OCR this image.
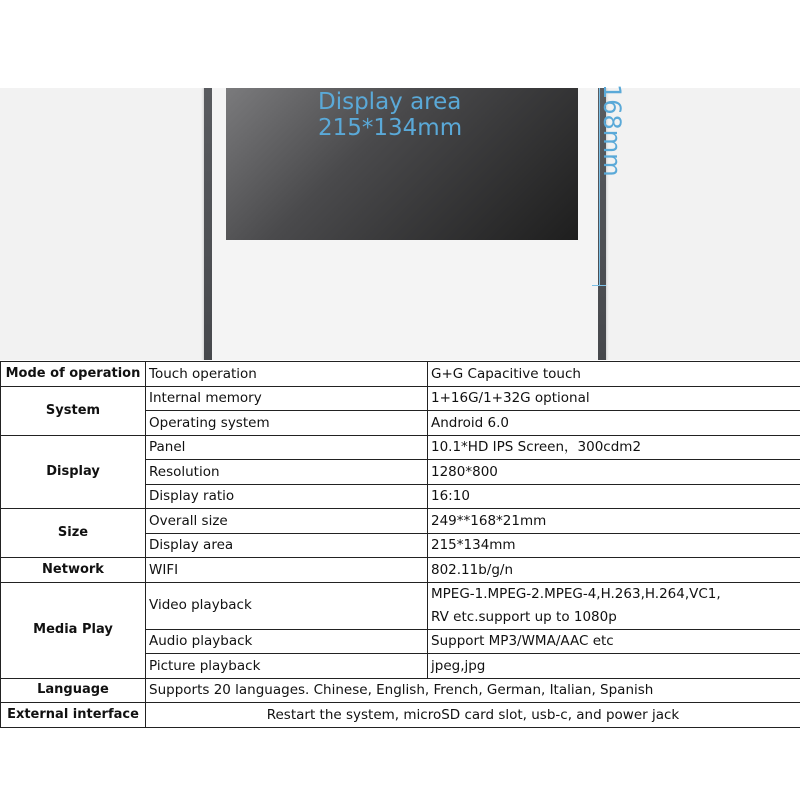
Display area
215*134mm	168mm
Mode of operation	Touch operation	G+G Capacitive touch
System	Internal memory	1+16G/1+32G optional
	Operating system	Android 6.0
Display	Panel	10.1*HD IPS Screen，300cdm2
	Resolution	1280*800
	Display ratio	16:10
Size	Overall size	249**168*21mm
	Display area	215*134mm
Network	WIFI	802.11b/g/n
Media Play	Video playback	MPEG-1.MPEG-2.MPEG-4,H.263,H.264,VC1,
RV etc.support up to 1080p

	Audio playback	Support MP3/WMA/AAC etc
	Picture playback	jpeg,jpg
Language	Supports 20 languages. Chinese, English, French, German, Italian, Spanish	
External interface	Restart the system, microSD card slot, usb-c, and power jack	
